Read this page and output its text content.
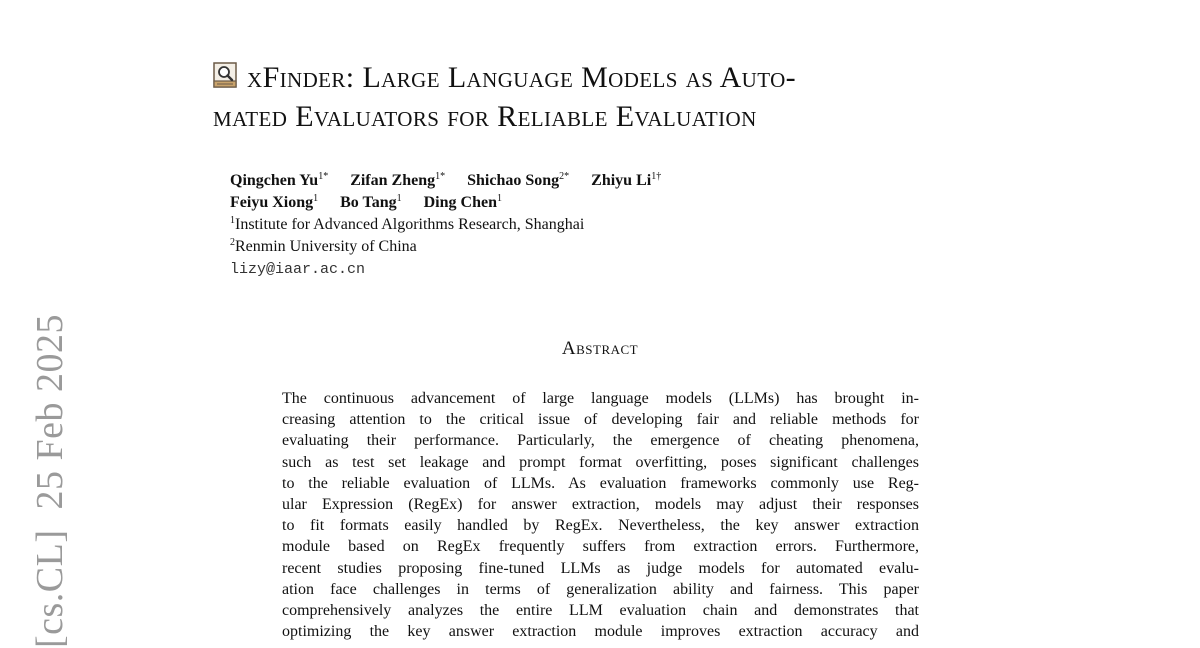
[cs.CL]
25 Feb 2025
xFinder: Large Language Models as Auto-
mated Evaluators for Reliable Evaluation
Qingchen $Yu^{1*}$ Zifan Zheng$^{1*}$ Shichao Song$^{2*}$ Zhiyu $Li^{1\dagger}$
Feiyu Xiong$^1$ Bo Tang$^1$ Ding Chen$^1$
$^1$Institute for Advanced Algorithms Research, Shanghai
$^2$Renmin University of China
lizy@iaar.ac.cn
Abstract
The continuous advancement of large language models (LLMs) has brought in-
creasing attention to the critical issue of developing fair and reliable methods for
evaluating their performance. Particularly, the emergence of cheating phenomena,
such as test set leakage and prompt format overfitting, poses significant challenges
to the reliable evaluation of LLMs. As evaluation frameworks commonly use Reg-
ular Expression (RegEx) for answer extraction, models may adjust their responses
to fit formats easily handled by RegEx. Nevertheless, the key answer extraction
module based on RegEx frequently suffers from extraction errors. Furthermore,
recent studies proposing fine-tuned LLMs as judge models for automated evalu-
ation face challenges in terms of generalization ability and fairness. This paper
comprehensively analyzes the entire LLM evaluation chain and demonstrates that
optimizing the key answer extraction module improves extraction accuracy and
